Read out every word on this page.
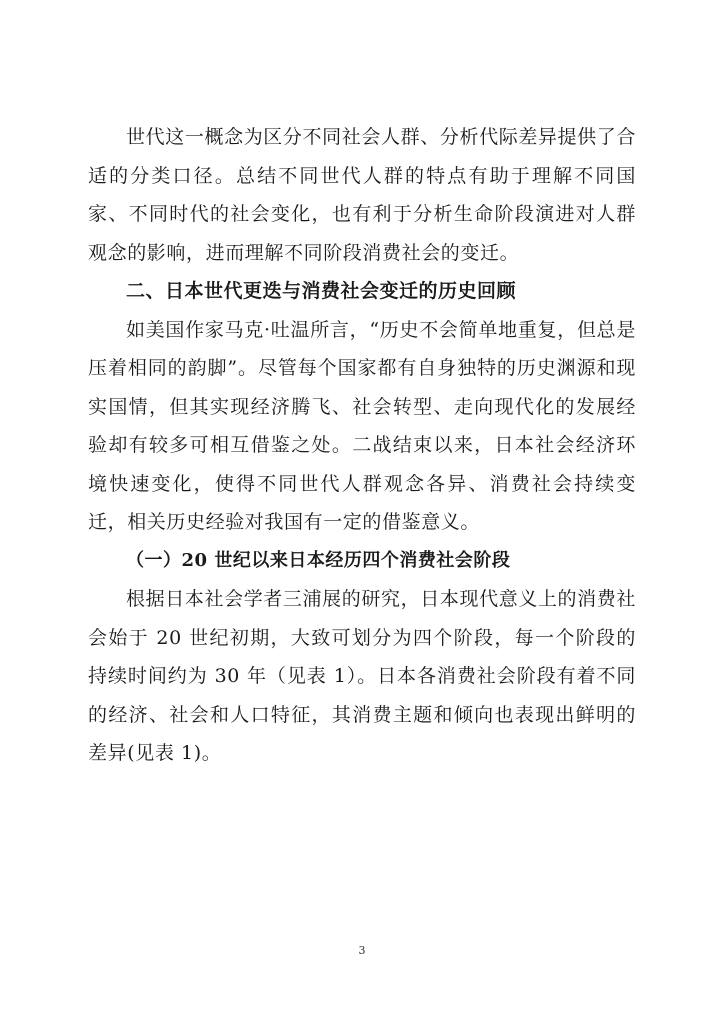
世代这一概念为区分不同社会人群、分析代际差异提供了合适的分类口径。总结不同世代人群的特点有助于理解不同国家、不同时代的社会变化，也有利于分析生命阶段演进对人群观念的影响，进而理解不同阶段消费社会的变迁。

二、日本世代更迭与消费社会变迁的历史回顾

如美国作家马克·吐温所言，“历史不会简单地重复，但总是压着相同的韵脚”。尽管每个国家都有自身独特的历史渊源和现实国情，但其实现经济腾飞、社会转型、走向现代化的发展经验却有较多可相互借鉴之处。二战结束以来，日本社会经济环境快速变化，使得不同世代人群观念各异、消费社会持续变迁，相关历史经验对我国有一定的借鉴意义。

（一）20 世纪以来日本经历四个消费社会阶段

根据日本社会学者三浦展的研究，日本现代意义上的消费社会始于 20 世纪初期，大致可划分为四个阶段，每一个阶段的持续时间约为 30 年（见表 1）。日本各消费社会阶段有着不同的经济、社会和人口特征，其消费主题和倾向也表现出鲜明的差异(见表 1)。

3
